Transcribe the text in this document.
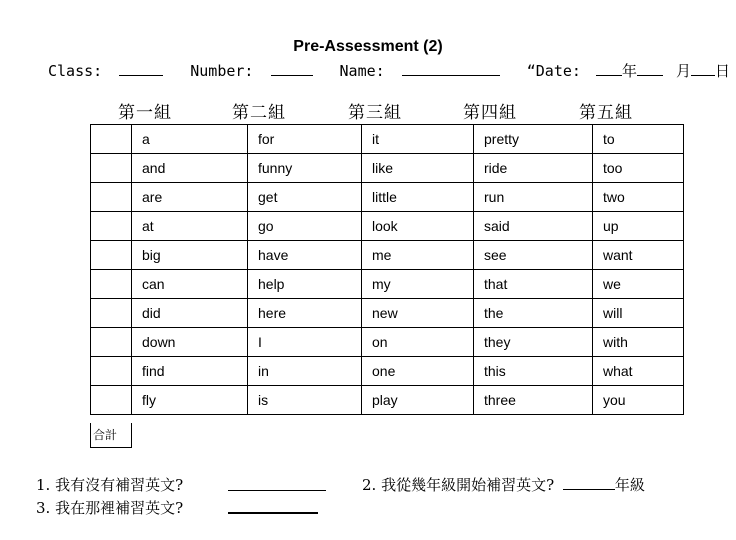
Pre-Assessment (2)
Class:	Number:	Name:	“Date:	年	月 日
第一組	第二組	第三組	第四組	第五組
	a	for	it	pretty	to
	and	funny	like	ride	too
	are	get	little	run	two
	at	go	look	said	up
	big	have	me	see	want
	can	help	my	that	we
	did	here	new	the	will
	down	I	on	they	with
	find	in	one	this	what
	fly	is	play	three	you
合計
1. 我有沒有補習英文?
3. 我在那裡補習英文?
2. 我從幾年級開始補習英文?	年級
